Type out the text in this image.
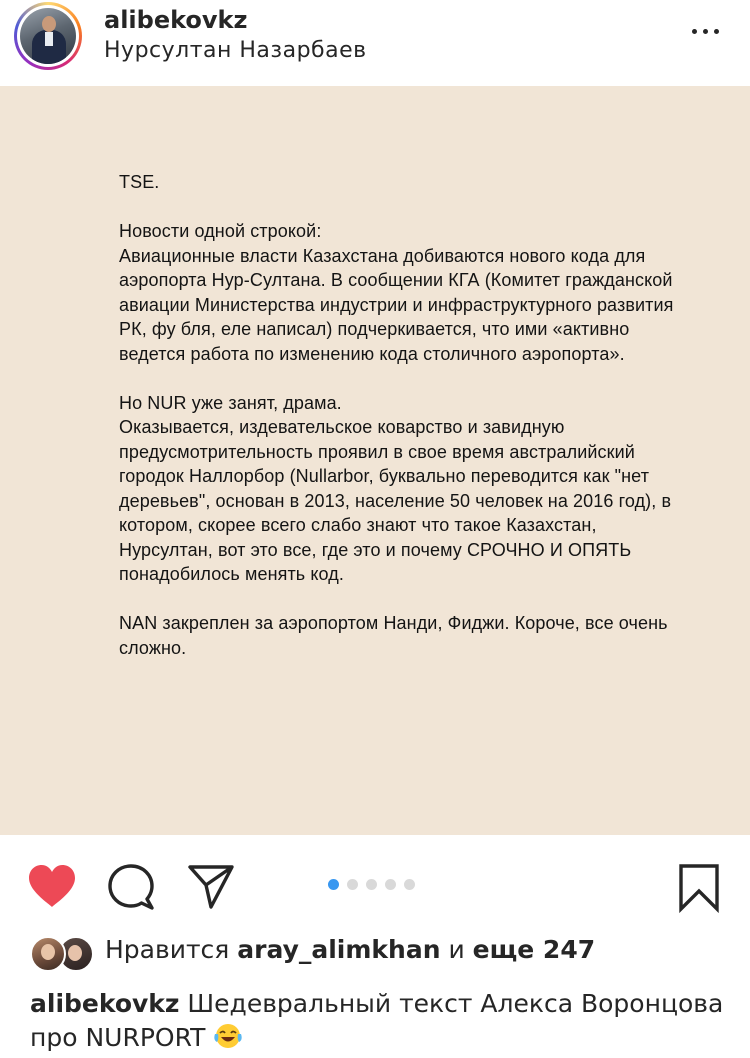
alibekovkz
Нурсултан Назарбаев
TSE.

Новости одной строкой:
Авиационные власти Казахстана добиваются нового кода для аэропорта Нур-Султана. В сообщении КГА (Комитет гражданской авиации Министерства индустрии и инфраструктурного развития РК, фу бля, еле написал) подчеркивается, что ими «активно ведется работа по изменению кода столичного аэропорта».

Но NUR уже занят, драма.
Оказывается, издевательское коварство и завидную предусмотрительность проявил в свое время австралийский городок Наллорбор (Nullarbor, буквально переводится как "нет деревьев", основан в 2013, население 50 человек на 2016 год), в котором, скорее всего слабо знают что такое Казахстан, Нурсултан, вот это все, где это и почему СРОЧНО И ОПЯТЬ понадобилось менять код.

NAN закреплен за аэропортом Нанди, Фиджи. Короче, все очень сложно.
Нравится aray_alimkhan и еще 247
alibekovkz Шедевральный текст Алекса Воронцова про NURPORT
